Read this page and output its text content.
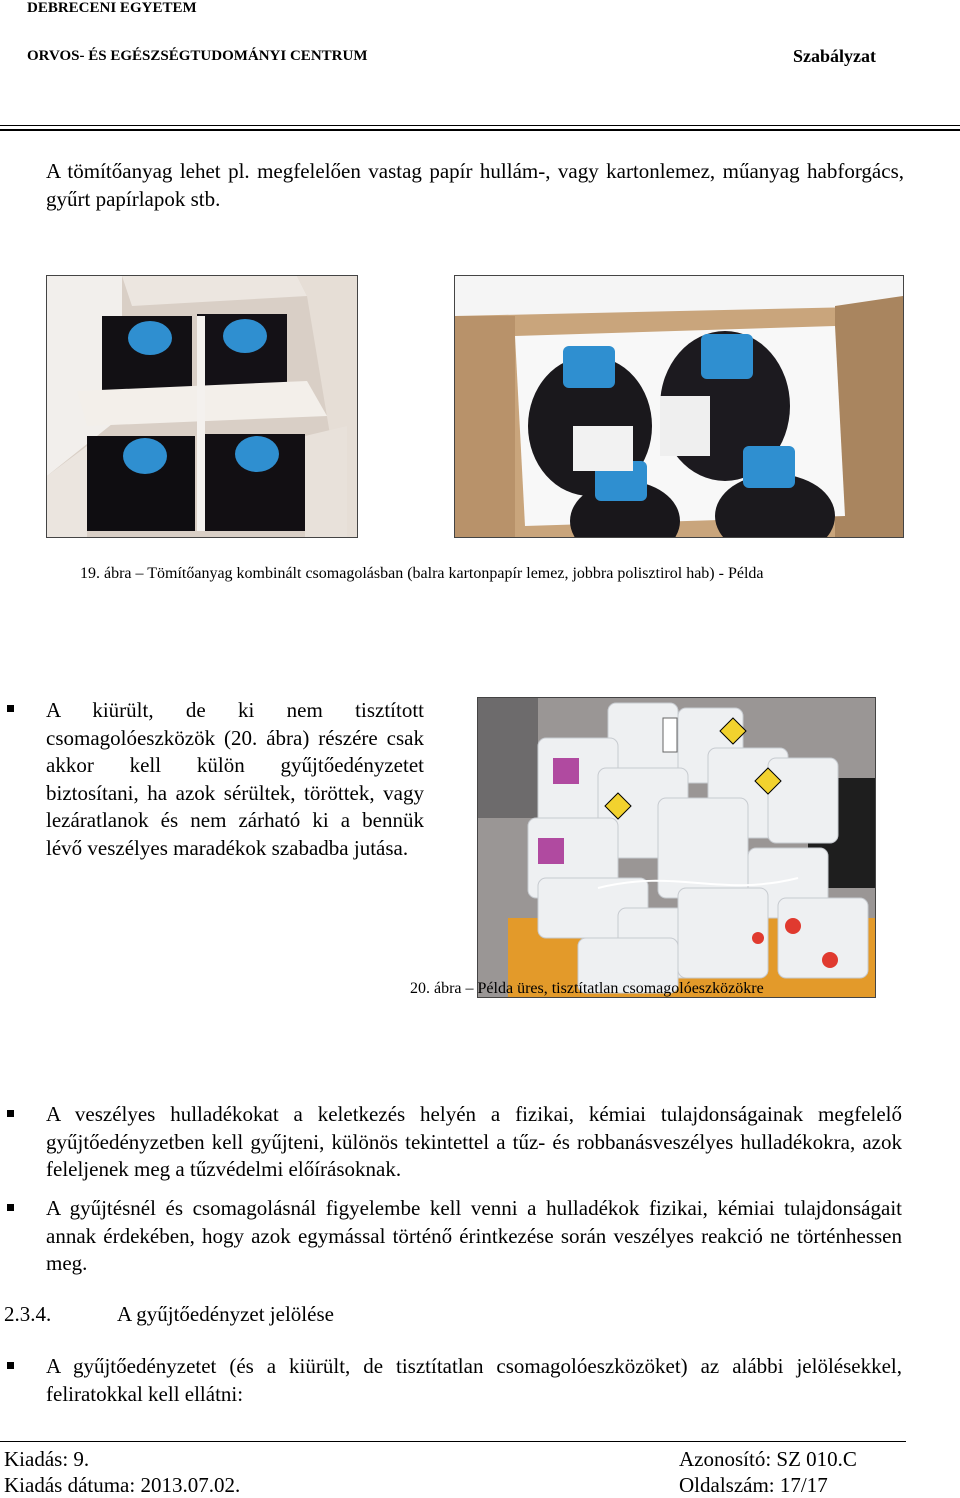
DEBRECENI EGYETEM
ORVOS- ÉS EGÉSZSÉGTUDOMÁNYI CENTRUM	Szabályzat
A tömítőanyag lehet pl. megfelelően vastag papír hullám-, vagy kartonlemez, műanyag habforgács, gyűrt papírlapok stb.
19. ábra – Tömítőanyag kombinált csomagolásban (balra kartonpapír lemez, jobbra polisztirol hab) - Példa
A kiürült, de ki nem tisztított csomagolóeszközök (20. ábra) részére csak akkor kell külön gyűjtőedényzetet biztosítani, ha azok sérültek, töröttek, vagy lezáratlanok és nem zárható ki a bennük lévő veszélyes maradékok szabadba jutása.
20. ábra – Példa üres, tisztítatlan csomagolóeszközökre
A veszélyes hulladékokat a keletkezés helyén a fizikai, kémiai tulajdonságainak megfelelő gyűjtőedényzetben kell gyűjteni, különös tekintettel a tűz- és robbanásveszélyes hulladékokra, azok feleljenek meg a tűzvédelmi előírásoknak.
A gyűjtésnél és csomagolásnál figyelembe kell venni a hulladékok fizikai, kémiai tulajdonságait annak érdekében, hogy azok egymással történő érintkezése során veszélyes reakció ne történhessen meg.
2.3.4.	A gyűjtőedényzet jelölése
A gyűjtőedényzetet (és a kiürült, de tisztítatlan csomagolóeszközöket) az alábbi jelölésekkel, feliratokkal kell ellátni:
Kiadás: 9.	Azonosító: SZ 010.C
Kiadás dátuma: 2013.07.02.	Oldalszám: 17/17
